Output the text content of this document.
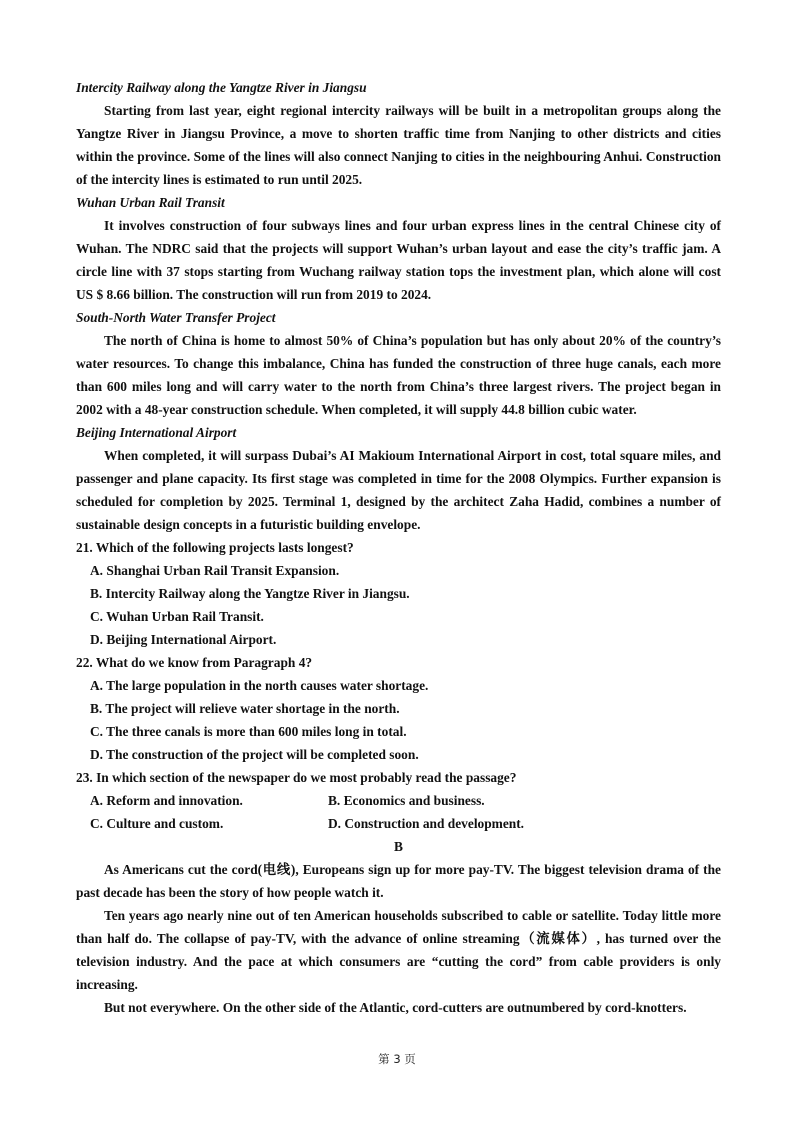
Intercity Railway along the Yangtze River in Jiangsu

Starting from last year, eight regional intercity railways will be built in a metropolitan groups along the Yangtze River in Jiangsu Province, a move to shorten traffic time from Nanjing to other districts and cities within the province. Some of the lines will also connect Nanjing to cities in the neighbouring Anhui. Construction of the intercity lines is estimated to run until 2025.

Wuhan Urban Rail Transit

It involves construction of four subways lines and four urban express lines in the central Chinese city of Wuhan. The NDRC said that the projects will support Wuhan’s urban layout and ease the city’s traffic jam. A circle line with 37 stops starting from Wuchang railway station tops the investment plan, which alone will cost US $ 8.66 billion. The construction will run from 2019 to 2024.

South-North Water Transfer Project

The north of China is home to almost 50% of China’s population but has only about 20% of the country’s water resources. To change this imbalance, China has funded the construction of three huge canals, each more than 600 miles long and will carry water to the north from China’s three largest rivers. The project began in 2002 with a 48-year construction schedule. When completed, it will supply 44.8 billion cubic water.

Beijing International Airport

When completed, it will surpass Dubai’s AI Makioum International Airport in cost, total square miles, and passenger and plane capacity. Its first stage was completed in time for the 2008 Olympics. Further expansion is scheduled for completion by 2025. Terminal 1, designed by the architect Zaha Hadid, combines a number of sustainable design concepts in a futuristic building envelope.

21. Which of the following projects lasts longest?

A. Shanghai Urban Rail Transit Expansion.

B. Intercity Railway along the Yangtze River in Jiangsu.

C. Wuhan Urban Rail Transit.

D. Beijing International Airport.

22. What do we know from Paragraph 4?

A. The large population in the north causes water shortage.

B. The project will relieve water shortage in the north.

C. The three canals is more than 600 miles long in total.

D. The construction of the project will be completed soon.

23. In which section of the newspaper do we most probably read the passage?

A. Reform and innovation.	B. Economics and business.
C. Culture and custom.	D. Construction and development.

B

As Americans cut the cord(电线), Europeans sign up for more pay-TV. The biggest television drama of the past decade has been the story of how people watch it.

Ten years ago nearly nine out of ten American households subscribed to cable or satellite. Today little more than half do. The collapse of pay-TV, with the advance of online streaming（流媒体）, has turned over the television industry. And the pace at which consumers are “cutting the cord” from cable providers is only increasing.

But not everywhere. On the other side of the Atlantic, cord-cutters are outnumbered by cord-knotters.

第 3 页
